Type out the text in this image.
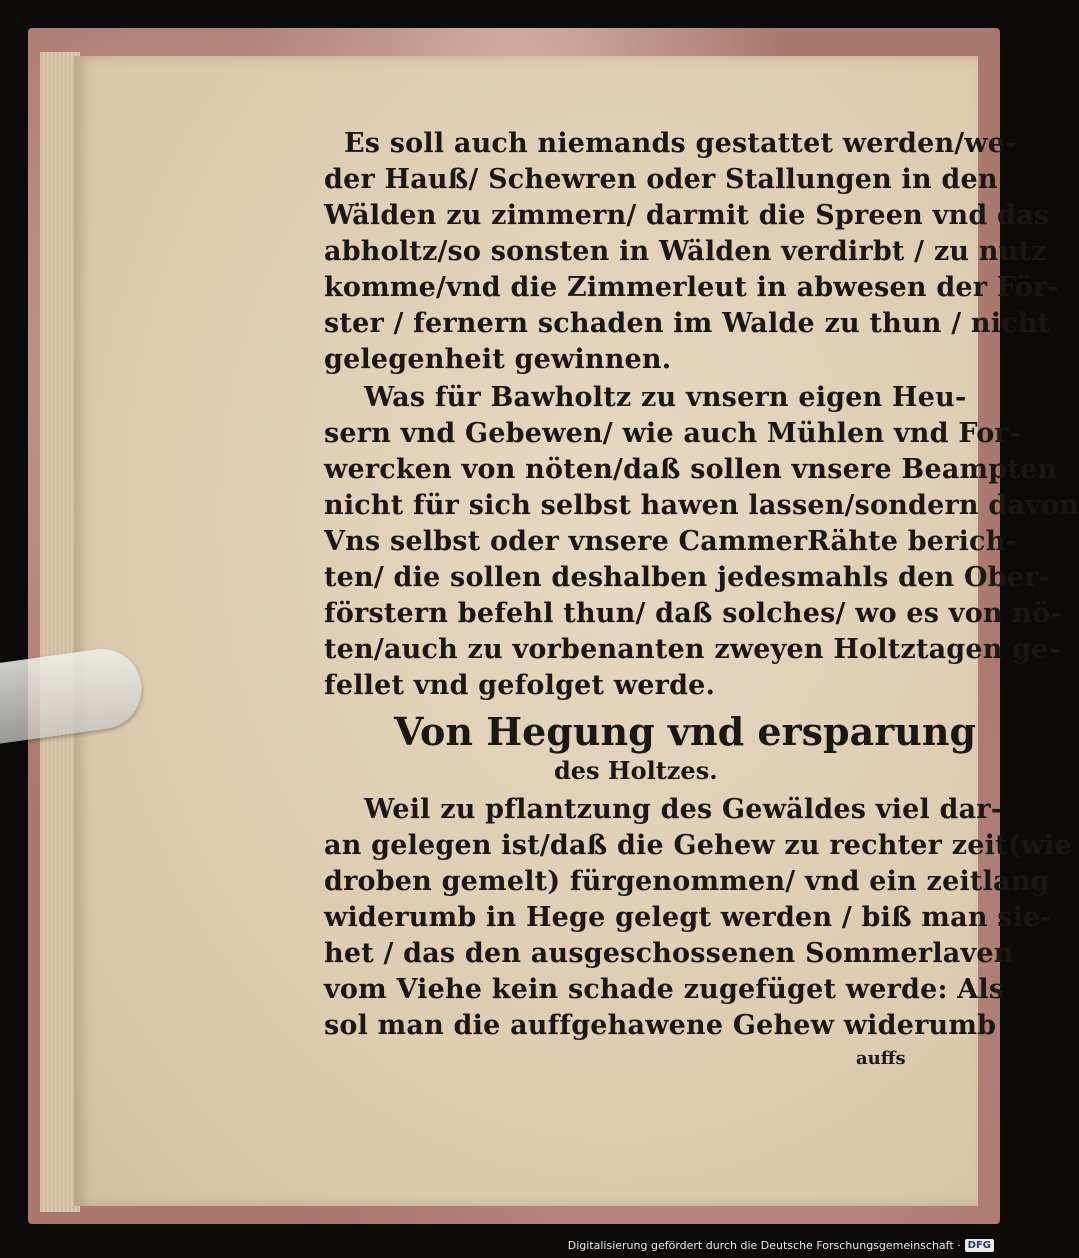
Es soll auch niemands gestattet werden/we-
der Hauß/ Schewren oder Stallungen in den
Wälden zu zimmern/ darmit die Spreen vnd das
abholtz/so sonsten in Wälden verdirbt / zu nutz
komme/vnd die Zimmerleut in abwesen der För-
ster / fernern schaden im Walde zu thun / nicht
gelegenheit gewinnen.
Was für Bawholtz zu vnsern eigen Heu-
sern vnd Gebewen/ wie auch Mühlen vnd For-
wercken von nöten/daß sollen vnsere Beampten
nicht für sich selbst hawen lassen/sondern davon
Vns selbst oder vnsere CammerRähte berich-
ten/ die sollen deshalben jedesmahls den Ober-
förstern befehl thun/ daß solches/ wo es von nö-
ten/auch zu vorbenanten zweyen Holtztagen ge-
fellet vnd gefolget werde.
Von Hegung vnd ersparung
des Holtzes.
Weil zu pflantzung des Gewäldes viel dar-
an gelegen ist/daß die Gehew zu rechter zeit(wie
droben gemelt) fürgenommen/ vnd ein zeitlang
widerumb in Hege gelegt werden / biß man sie-
het / das den ausgeschossenen Sommerlaven
vom Viehe kein schade zugefüget werde: Als
sol man die auffgehawene Gehew widerumb
auffs
Digitalisierung gefördert durch die Deutsche Forschungsgemeinschaft · DFG
